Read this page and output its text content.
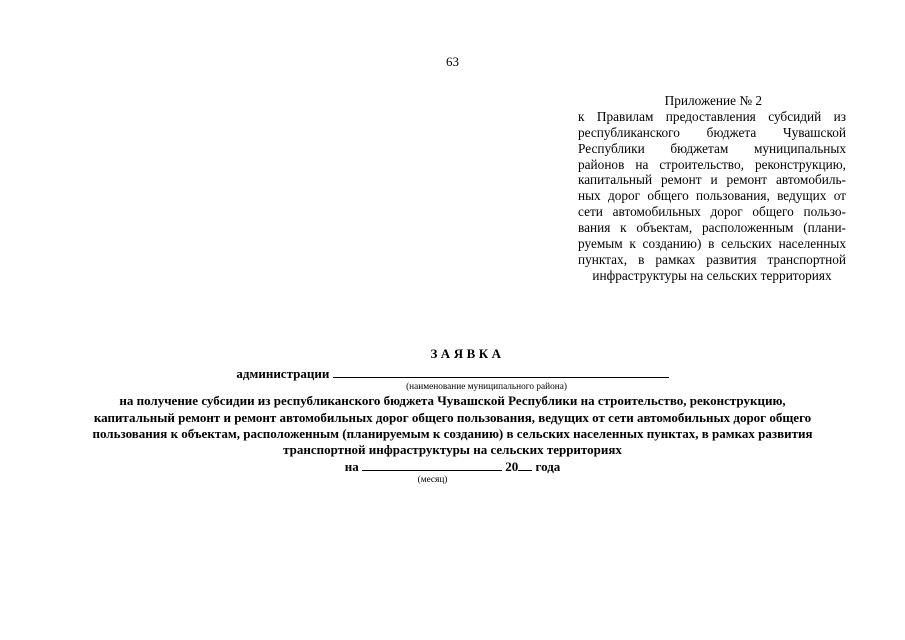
63
Приложение № 2
к Правилам предоставления субсидий из
республиканского бюджета Чувашской
Республики бюджетам муниципальных
районов на строительство, реконструкцию,
капитальный ремонт и ремонт автомобиль-
ных дорог общего пользования, ведущих от
сети автомобильных дорог общего пользо-
вания к объектам, расположенным (плани-
руемым к созданию) в сельских населенных
пунктах, в рамках развития транспортной
инфраструктуры на сельских территориях
ЗАЯВКА
администрации
(наименование муниципального района)
на получение субсидии из республиканского бюджета Чувашской Республики на строительство, реконструкцию,
капитальный ремонт и ремонт автомобильных дорог общего пользования, ведущих от сети автомобильных дорог общего
пользования к объектам, расположенным (планируемым к созданию) в сельских населенных пунктах, в рамках развития
транспортной инфраструктуры на сельских территориях
на	20 года
(месяц)
